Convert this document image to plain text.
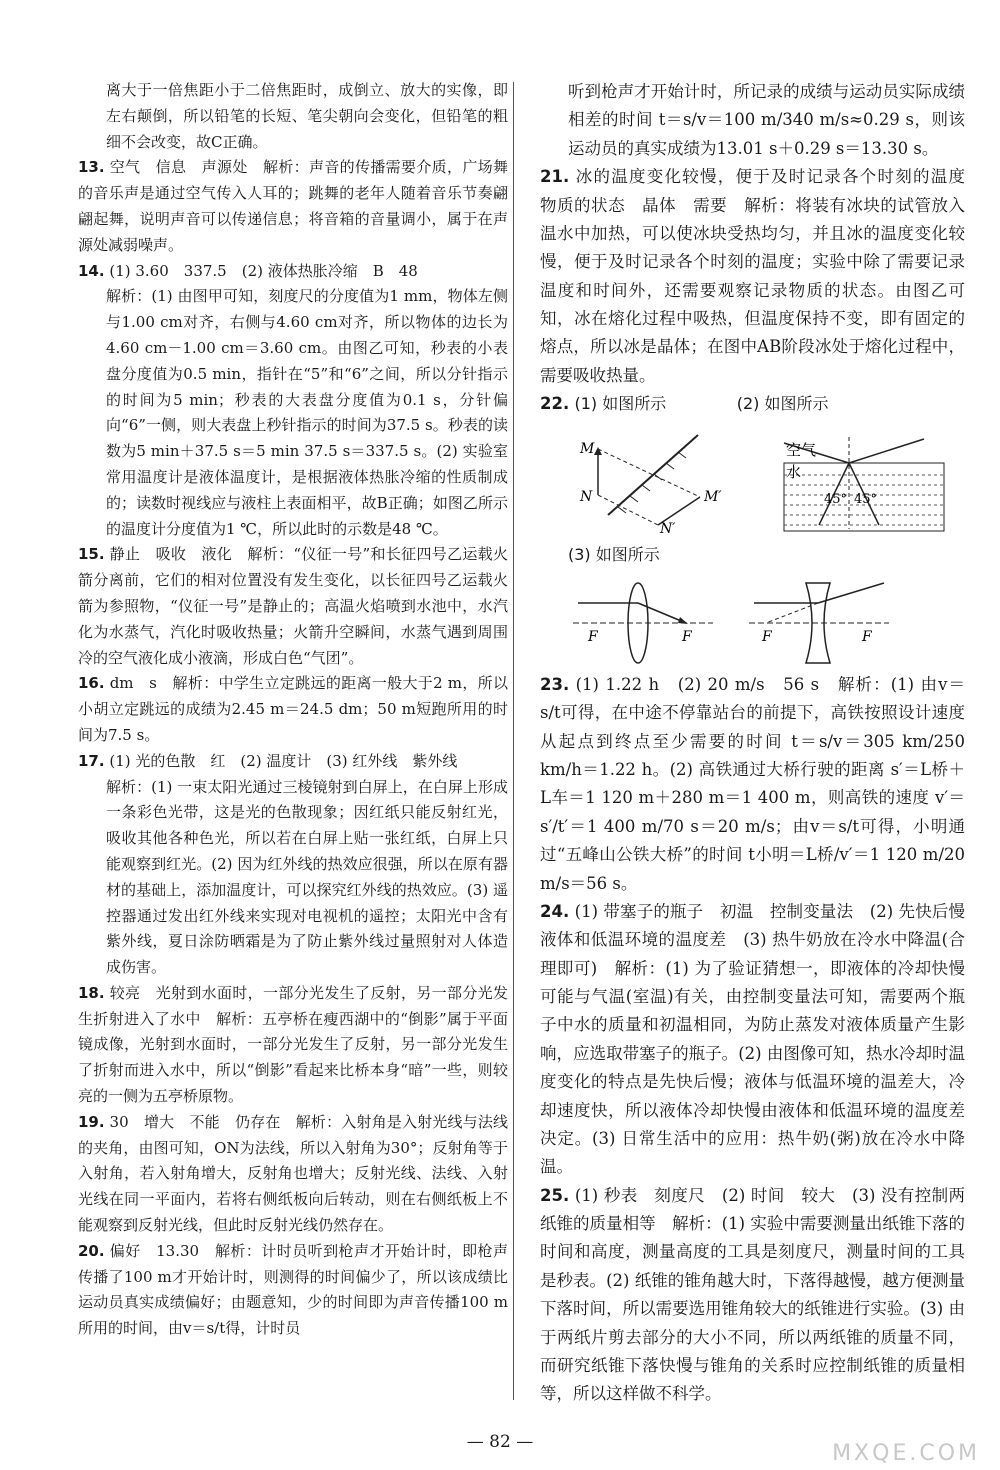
离大于一倍焦距小于二倍焦距时，成倒立、放大的实像，即左右颠倒，所以铅笔的长短、笔尖朝向会变化，但铅笔的粗细不会改变，故C正确。

13. 空气　信息　声源处　解析：声音的传播需要介质，广场舞的音乐声是通过空气传入人耳的；跳舞的老年人随着音乐节奏翩翩起舞，说明声音可以传递信息；将音箱的音量调小，属于在声源处减弱噪声。

14. (1) 3.60　337.5　(2) 液体热胀冷缩　B　48

解析：(1) 由图甲可知，刻度尺的分度值为1 mm，物体左侧与1.00 cm对齐，右侧与4.60 cm对齐，所以物体的边长为4.60 cm－1.00 cm＝3.60 cm。由图乙可知，秒表的小表盘分度值为0.5 min，指针在“5”和“6”之间，所以分针指示的时间为5 min；秒表的大表盘分度值为0.1 s，分针偏向“6”一侧，则大表盘上秒针指示的时间为37.5 s。秒表的读数为5 min＋37.5 s＝5 min 37.5 s＝337.5 s。(2) 实验室常用温度计是液体温度计，是根据液体热胀冷缩的性质制成的；读数时视线应与液柱上表面相平，故B正确；如图乙所示的温度计分度值为1 ℃，所以此时的示数是48 ℃。

15. 静止　吸收　液化　解析：“仪征一号”和长征四号乙运载火箭分离前，它们的相对位置没有发生变化，以长征四号乙运载火箭为参照物，“仪征一号”是静止的；高温火焰喷到水池中，水汽化为水蒸气，汽化时吸收热量；火箭升空瞬间，水蒸气遇到周围冷的空气液化成小液滴，形成白色“气团”。

16. dm　s　解析：中学生立定跳远的距离一般大于2 m，所以小胡立定跳远的成绩为2.45 m＝24.5 dm；50 m短跑所用的时间为7.5 s。

17. (1) 光的色散　红　(2) 温度计　(3) 红外线　紫外线

解析：(1) 一束太阳光通过三棱镜射到白屏上，在白屏上形成一条彩色光带，这是光的色散现象；因红纸只能反射红光，吸收其他各种色光，所以若在白屏上贴一张红纸，白屏上只能观察到红光。(2) 因为红外线的热效应很强，所以在原有器材的基础上，添加温度计，可以探究红外线的热效应。(3) 遥控器通过发出红外线来实现对电视机的遥控；太阳光中含有紫外线，夏日涂防晒霜是为了防止紫外线过量照射对人体造成伤害。

18. 较亮　光射到水面时，一部分光发生了反射，另一部分光发生折射进入了水中　解析：五亭桥在瘦西湖中的“倒影”属于平面镜成像，光射到水面时，一部分光发生了反射，另一部分光发生了折射而进入水中，所以“倒影”看起来比桥本身“暗”一些，则较亮的一侧为五亭桥原物。

19. 30　增大　不能　仍存在　解析：入射角是入射光线与法线的夹角，由图可知，ON为法线，所以入射角为30°；反射角等于入射角，若入射角增大，反射角也增大；反射光线、法线、入射光线在同一平面内，若将右侧纸板向后转动，则在右侧纸板上不能观察到反射光线，但此时反射光线仍然存在。

20. 偏好　13.30　解析：计时员听到枪声才开始计时，即枪声传播了100 m才开始计时，则测得的时间偏少了，所以该成绩比运动员真实成绩偏好；由题意知，少的时间即为声音传播100 m所用的时间，由v＝s/t得，计时员

听到枪声才开始计时，所记录的成绩与运动员实际成绩相差的时间 t＝s/v＝100 m/340 m/s≈0.29 s，则该运动员的真实成绩为13.01 s＋0.29 s＝13.30 s。

21. 冰的温度变化较慢，便于及时记录各个时刻的温度　物质的状态　晶体　需要　解析：将装有冰块的试管放入温水中加热，可以使冰块受热均匀，并且冰的温度变化较慢，便于及时记录各个时刻的温度；实验中除了需要记录温度和时间外，还需要观察记录物质的状态。由图乙可知，冰在熔化过程中吸热，但温度保持不变，即有固定的熔点，所以冰是晶体；在图中AB阶段冰处于熔化过程中，需要吸收热量。

22. (1) 如图所示	(2) 如图所示

M
N	M′
N′
空气
水
45° 45°

(3) 如图所示

F	F	F	F

23. (1) 1.22 h　(2) 20 m/s　56 s　解析：(1) 由v＝s/t可得，在中途不停靠站台的前提下，高铁按照设计速度从起点到终点至少需要的时间 t＝s/v＝305 km/250 km/h＝1.22 h。(2) 高铁通过大桥行驶的距离 s′＝L桥＋L车＝1 120 m＋280 m＝1 400 m，则高铁的速度 v′＝s′/t′＝1 400 m/70 s＝20 m/s；由v＝s/t可得，小明通过“五峰山公铁大桥”的时间 t小明＝L桥/v′＝1 120 m/20 m/s＝56 s。

24. (1) 带塞子的瓶子　初温　控制变量法　(2) 先快后慢　液体和低温环境的温度差　(3) 热牛奶放在冷水中降温(合理即可)　解析：(1) 为了验证猜想一，即液体的冷却快慢可能与气温(室温)有关，由控制变量法可知，需要两个瓶子中水的质量和初温相同，为防止蒸发对液体质量产生影响，应选取带塞子的瓶子。(2) 由图像可知，热水冷却时温度变化的特点是先快后慢；液体与低温环境的温差大，冷却速度快，所以液体冷却快慢由液体和低温环境的温度差决定。(3) 日常生活中的应用：热牛奶(粥)放在冷水中降温。

25. (1) 秒表　刻度尺　(2) 时间　较大　(3) 没有控制两纸锥的质量相等　解析：(1) 实验中需要测量出纸锥下落的时间和高度，测量高度的工具是刻度尺，测量时间的工具是秒表。(2) 纸锥的锥角越大时，下落得越慢，越方便测量下落时间，所以需要选用锥角较大的纸锥进行实验。(3) 由于两纸片剪去部分的大小不同，所以两纸锥的质量不同，而研究纸锥下落快慢与锥角的关系时应控制纸锥的质量相等，所以这样做不科学。

— 82 —	MXQE.COM
